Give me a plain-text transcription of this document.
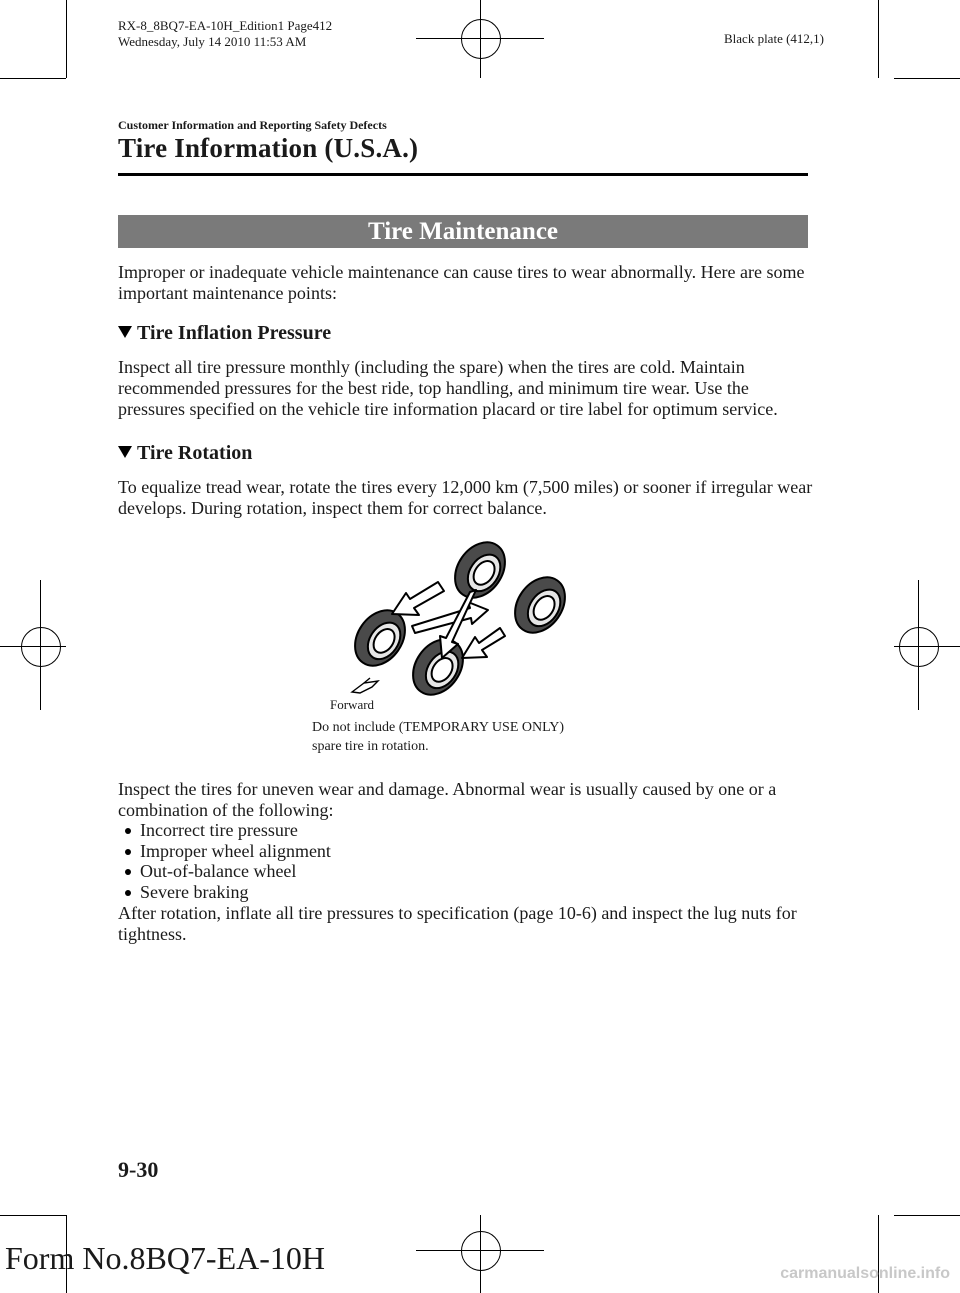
RX-8_8BQ7-EA-10H_Edition1 Page412
Wednesday, July 14 2010 11:53 AM	Black plate (412,1)
Customer Information and Reporting Safety Defects
Tire Information (U.S.A.)
Tire Maintenance
Improper or inadequate vehicle maintenance can cause tires to wear abnormally. Here are some important maintenance points:
Tire Inflation Pressure
Inspect all tire pressure monthly (including the spare) when the tires are cold. Maintain recommended pressures for the best ride, top handling, and minimum tire wear. Use the pressures specified on the vehicle tire information placard or tire label for optimum service.
Tire Rotation
To equalize tread wear, rotate the tires every 12,000 km (7,500 miles) or sooner if irregular wear develops. During rotation, inspect them for correct balance.
Forward
Do not include (TEMPORARY USE ONLY)
spare tire in rotation.
Inspect the tires for uneven wear and damage. Abnormal wear is usually caused by one or a combination of the following:
Incorrect tire pressure
Improper wheel alignment
Out-of-balance wheel
Severe braking
After rotation, inflate all tire pressures to specification (page 10-6) and inspect the lug nuts for tightness.
9-30
Form No.8BQ7-EA-10H	carmanualsonline.info
